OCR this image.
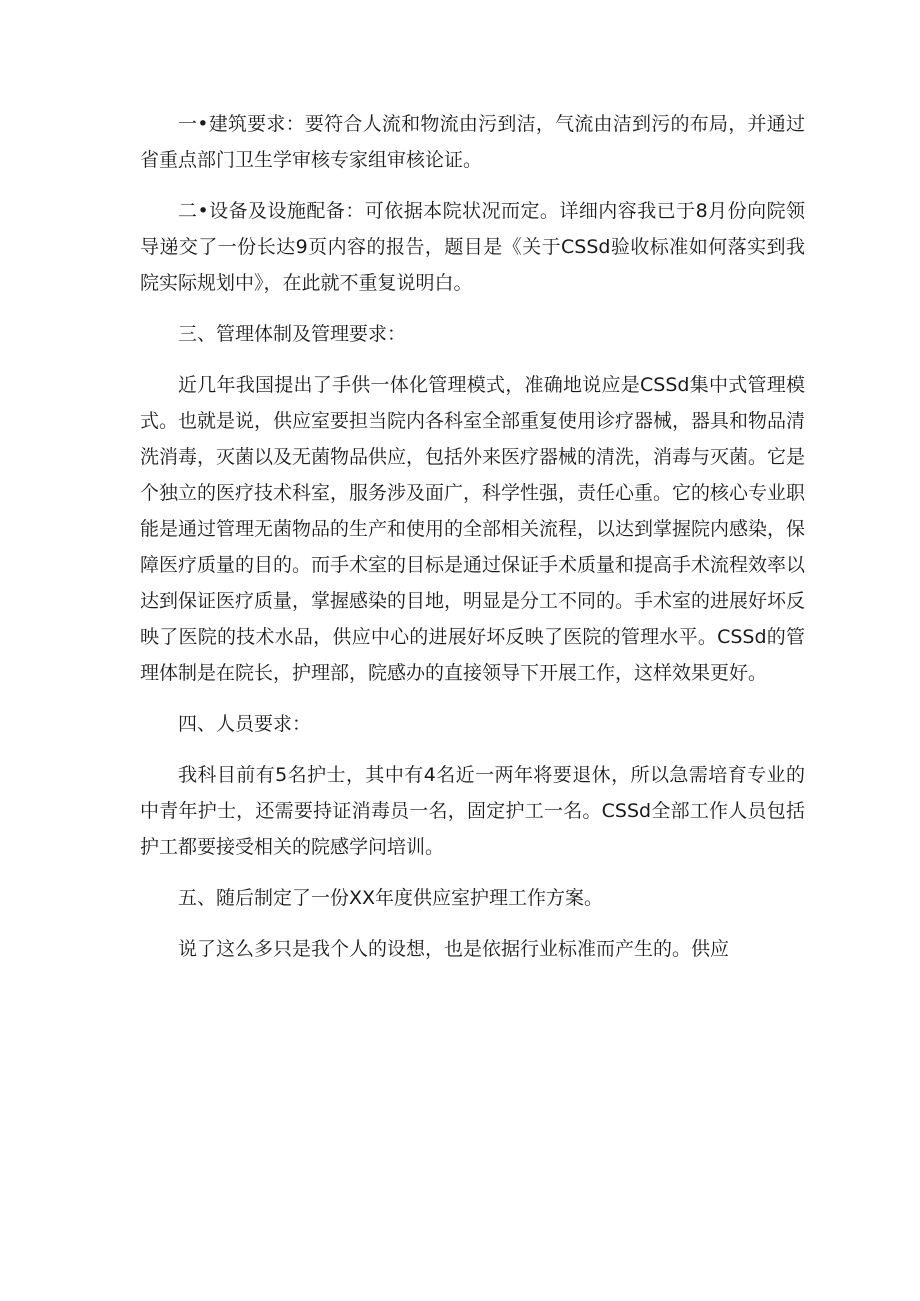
一•建筑要求：要符合人流和物流由污到洁，气流由洁到污的布局，并通过省重点部门卫生学审核专家组审核论证。

二•设备及设施配备：可依据本院状况而定。详细内容我已于8月份向院领导递交了一份长达9页内容的报告，题目是《关于CSSd验收标准如何落实到我院实际规划中》，在此就不重复说明白。

三、管理体制及管理要求：

近几年我国提出了手供一体化管理模式，准确地说应是CSSd集中式管理模式。也就是说，供应室要担当院内各科室全部重复使用诊疗器械，器具和物品清洗消毒，灭菌以及无菌物品供应，包括外来医疗器械的清洗，消毒与灭菌。它是个独立的医疗技术科室，服务涉及面广，科学性强，责任心重。它的核心专业职能是通过管理无菌物品的生产和使用的全部相关流程，以达到掌握院内感染，保障医疗质量的目的。而手术室的目标是通过保证手术质量和提高手术流程效率以达到保证医疗质量，掌握感染的目地，明显是分工不同的。手术室的进展好坏反映了医院的技术水品，供应中心的进展好坏反映了医院的管理水平。CSSd的管理体制是在院长，护理部，院感办的直接领导下开展工作，这样效果更好。

四、人员要求：

我科目前有5名护士，其中有4名近一两年将要退休，所以急需培育专业的中青年护士，还需要持证消毒员一名，固定护工一名。CSSd全部工作人员包括护工都要接受相关的院感学问培训。

五、随后制定了一份XX年度供应室护理工作方案。

说了这么多只是我个人的设想，也是依据行业标准而产生的。供应
